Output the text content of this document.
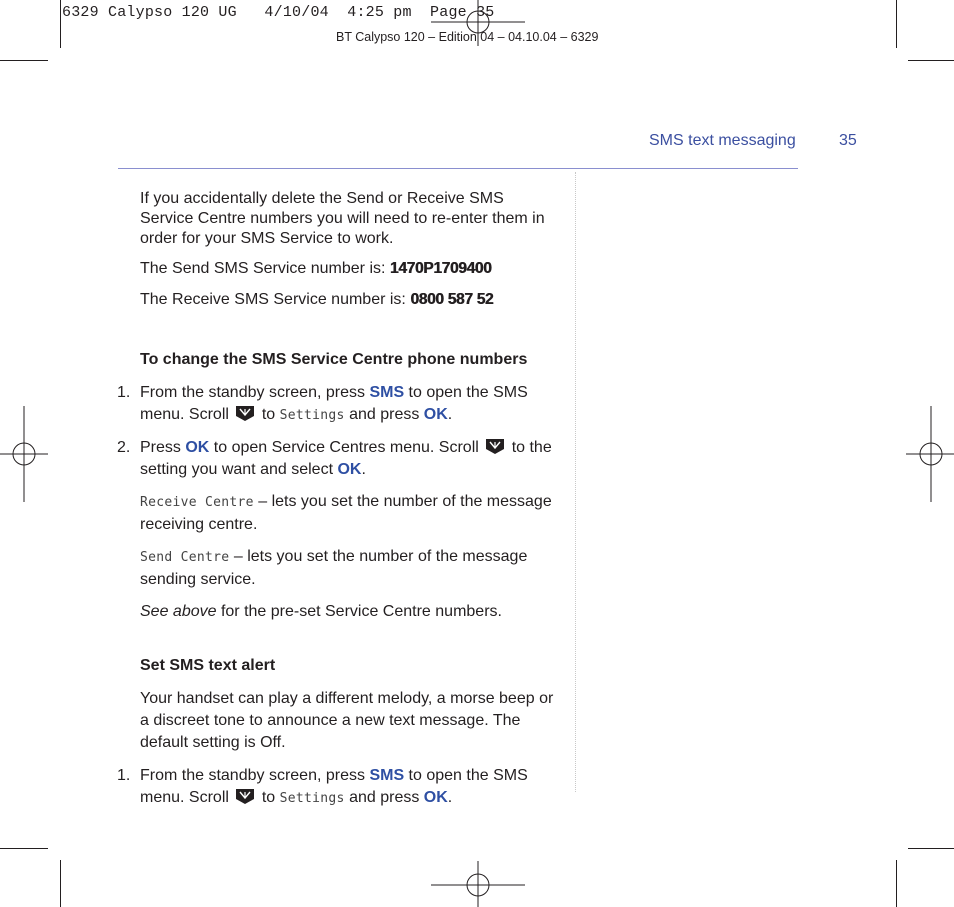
6329 Calypso 120 UG   4/10/04  4:25 pm  Page 35
BT Calypso 120 – Edition 04 – 04.10.04 – 6329
SMS text messaging	35
If you accidentally delete the Send or Receive SMS Service Centre numbers you will need to re-enter them in order for your SMS Service to work.
The Send SMS Service number is: 1470P1709400
The Receive SMS Service number is: 0800 587 52
To change the SMS Service Centre phone numbers
1. From the standby screen, press SMS to open the SMS menu. Scroll  to Settings and press OK.
2. Press OK to open Service Centres menu. Scroll  to the setting you want and select OK.
Receive Centre – lets you set the number of the message receiving centre.
Send Centre – lets you set the number of the message sending service.
See above for the pre-set Service Centre numbers.
Set SMS text alert
Your handset can play a different melody, a morse beep or a discreet tone to announce a new text message. The default setting is Off.
1. From the standby screen, press SMS to open the SMS menu. Scroll  to Settings and press OK.
